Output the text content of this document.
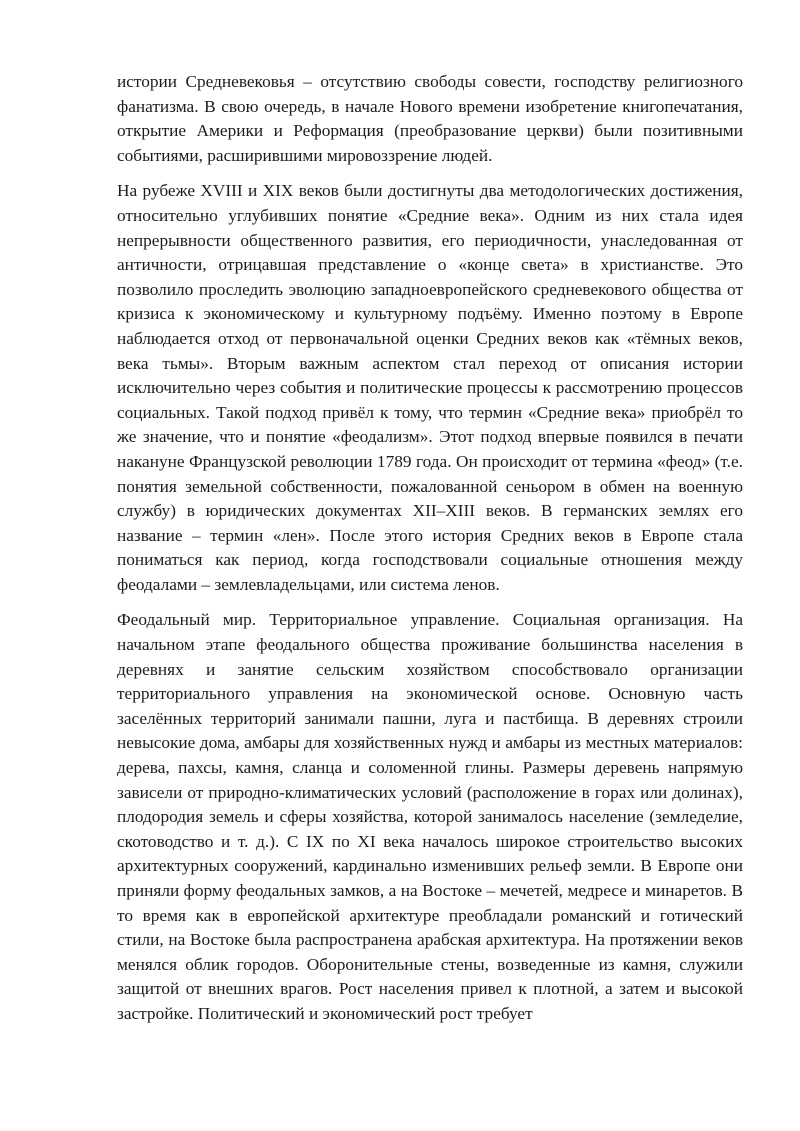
истории Средневековья – отсутствию свободы совести, господству религиозного фанатизма. В свою очередь, в начале Нового времени изобретение книгопечатания, открытие Америки и Реформация (преобразование церкви) были позитивными событиями, расширившими мировоззрение людей.

На рубеже XVIII и XIX веков были достигнуты два методологических достижения, относительно углубивших понятие «Средние века». Одним из них стала идея непрерывности общественного развития, его периодичности, унаследованная от античности, отрицавшая представление о «конце света» в христианстве. Это позволило проследить эволюцию западноевропейского средневекового общества от кризиса к экономическому и культурному подъёму. Именно поэтому в Европе наблюдается отход от первоначальной оценки Средних веков как «тёмных веков, века тьмы». Вторым важным аспектом стал переход от описания истории исключительно через события и политические процессы к рассмотрению процессов социальных. Такой подход привёл к тому, что термин «Средние века» приобрёл то же значение, что и понятие «феодализм». Этот подход впервые появился в печати накануне Французской революции 1789 года. Он происходит от термина «феод» (т.е. понятия земельной собственности, пожалованной сеньором в обмен на военную службу) в юридических документах XII–XIII веков. В германских землях его название – термин «лен». После этого история Средних веков в Европе стала пониматься как период, когда господствовали социальные отношения между феодалами – землевладельцами, или система ленов.

Феодальный мир. Территориальное управление. Социальная организация. На начальном этапе феодального общества проживание большинства населения в деревнях и занятие сельским хозяйством способствовало организации территориального управления на экономической основе. Основную часть заселённых территорий занимали пашни, луга и пастбища. В деревнях строили невысокие дома, амбары для хозяйственных нужд и амбары из местных материалов: дерева, пахсы, камня, сланца и соломенной глины. Размеры деревень напрямую зависели от природно-климатических условий (расположение в горах или долинах), плодородия земель и сферы хозяйства, которой занималось население (земледелие, скотоводство и т. д.). С IX по XI века началось широкое строительство высоких архитектурных сооружений, кардинально изменивших рельеф земли. В Европе они приняли форму феодальных замков, а на Востоке – мечетей, медресе и минаретов. В то время как в европейской архитектуре преобладали романский и готический стили, на Востоке была распространена арабская архитектура. На протяжении веков менялся облик городов. Оборонительные стены, возведенные из камня, служили защитой от внешних врагов. Рост населения привел к плотной, а затем и высокой застройке. Политический и экономический рост требует
